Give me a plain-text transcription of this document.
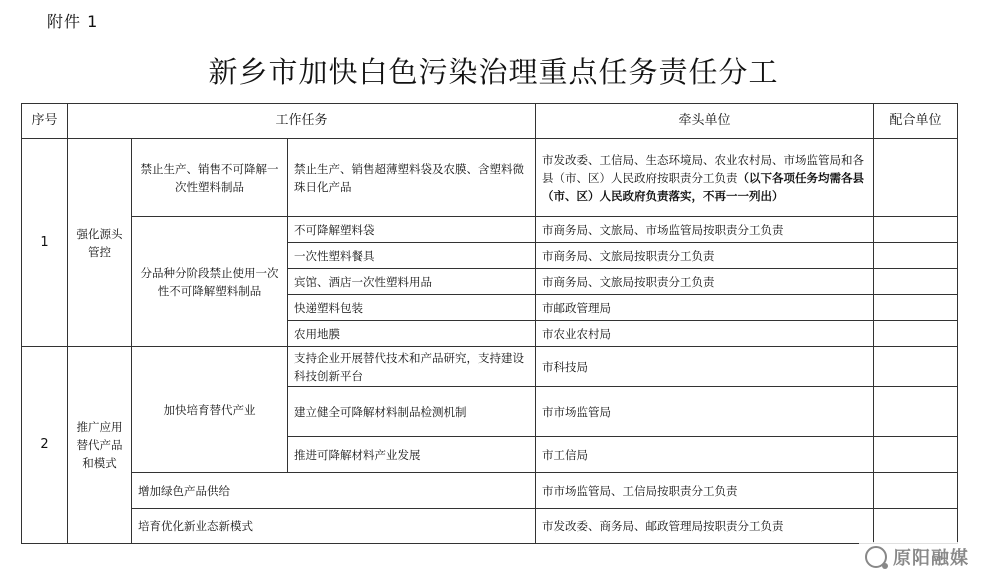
附件 1
新乡市加快白色污染治理重点任务责任分工
序号	工作任务			牵头单位	配合单位
1	强化源头管控	禁止生产、销售不可降解一次性塑料制品	禁止生产、销售超薄塑料袋及农膜、含塑料微珠日化产品	市发改委、工信局、生态环境局、农业农村局、市场监管局和各县（市、区）人民政府按职责分工负责（以下各项任务均需各县（市、区）人民政府负责落实，不再一一列出）	
		分品种分阶段禁止使用一次性不可降解塑料制品	不可降解塑料袋	市商务局、文旅局、市场监管局按职责分工负责	
			一次性塑料餐具	市商务局、文旅局按职责分工负责	
			宾馆、酒店一次性塑料用品	市商务局、文旅局按职责分工负责	
			快递塑料包装	市邮政管理局	
			农用地膜	市农业农村局	
2	推广应用替代产品和模式	加快培育替代产业	支持企业开展替代技术和产品研究，支持建设科技创新平台	市科技局	
			建立健全可降解材料制品检测机制	市市场监管局	
			推进可降解材料产业发展	市工信局	
		增加绿色产品供给		市市场监管局、工信局按职责分工负责	
		培育优化新业态新模式		市发改委、商务局、邮政管理局按职责分工负责	
原阳融媒
